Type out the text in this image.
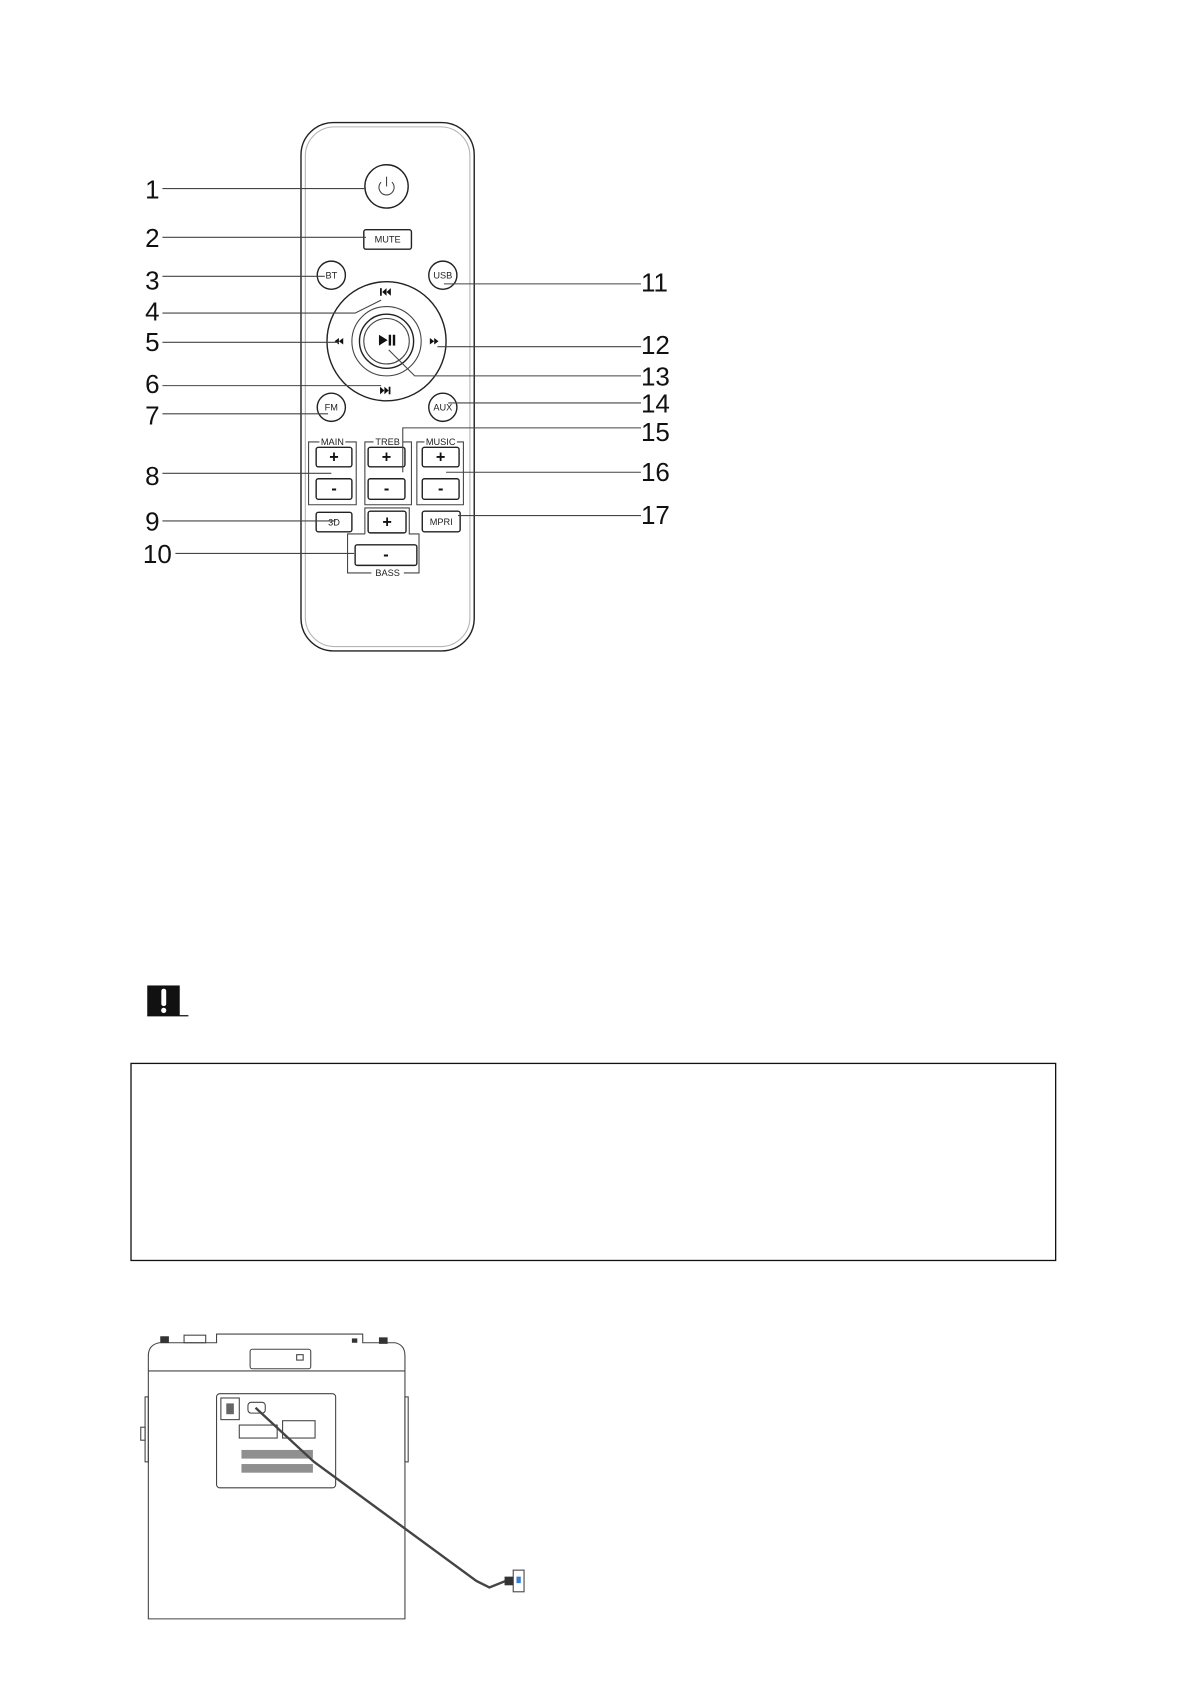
MUTE
BT	USB
FM	AUX
MAIN
+
-
TREB
+
-
MUSIC
+
-
3D
BASS
+
-
MPRI
1
2
3
4
5
6
7
8
9
10
11
12
13
14
15
16
17
